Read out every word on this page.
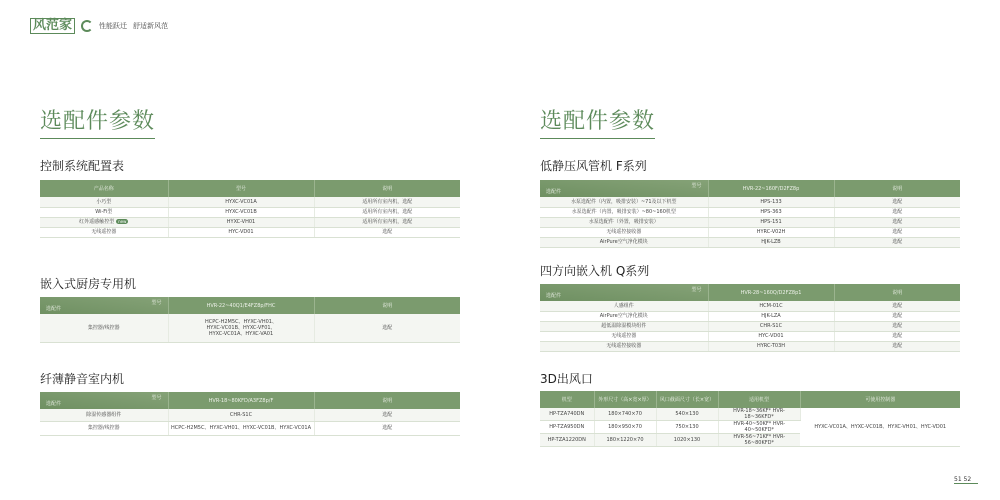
风范家	性能跃迁 舒适新风范
选配件参数
控制系统配置表
产品名称	型号	说明
小巧型	HYXC-VC01A	适用所有室内机，选配
Wi-Fi型	HYXC-VC01B	适用所有室内机，选配
红外遥感触控型 new	HYXC-VH01	适用所有室内机，选配
无线遥控器	HYC-VD01	选配
嵌入式厨房专用机
型号
选配件	HVR-22~40Q1/E4FZ8p/FHC	说明
集控器/线控器	HCPC-H2M5C、HYXC-VH01、
HYXC-VC01B、HYXC-VF01、
HYXC-VC01A、HYXC-VA01	选配
纤薄静音室内机
型号
选配件	HVR-18~80KFD/A3FZ8p/F	说明
除湿传感器组件	CHR-S1C	选配
集控器/线控器	HCPC-H2M5C、HYXC-VH01、HYXC-VC01B、HYXC-VC01A	选配
选配件参数
低静压风管机 F系列
型号
选配件	HVR-22~160F/D2FZ8p	说明
水泵选配件（内置，吸排安装）~71及以下机型	HPS-133	选配
水泵选配件（内置，吸排安装）~80~160机型	HPS-363	选配
水泵选配件（外置，吸排安装）	HPS-151	选配
无线遥控接收器	HYRC-V02H	选配
AirPure空气净化模块	HJK-LZB	选配
四方向嵌入机 Q系列
型号
选配件	HVR-28~160Q/D2FZ8p1	说明
人感组件	HCM-01C	选配
AirPure空气净化模块	HJK-LZA	选配
超低温除湿模块组件	CHR-S1C	选配
无线遥控器	HYC-VD01	选配
无线遥控接收器	HYRC-T03H	选配
3D出风口
机型	外形尺寸（高×宽×厚）	风口截面尺寸（长×宽）	适用机型	可使用控制器
HP-TZA740DN	180×740×70	540×130	HVR-18~36KF* HVR-18~36KFD*	HYXC-VC01A、HYXC-VC01B、HYXC-VH01、HYC-VD01
HP-TZA950DN	180×950×70	750×130	HVR-40~50KF* HVR-40~50KFD*	
HP-TZA1220DN	180×1220×70	1020×130	HVR-56~71KF* HVR-56~80KFD*	
51 52
